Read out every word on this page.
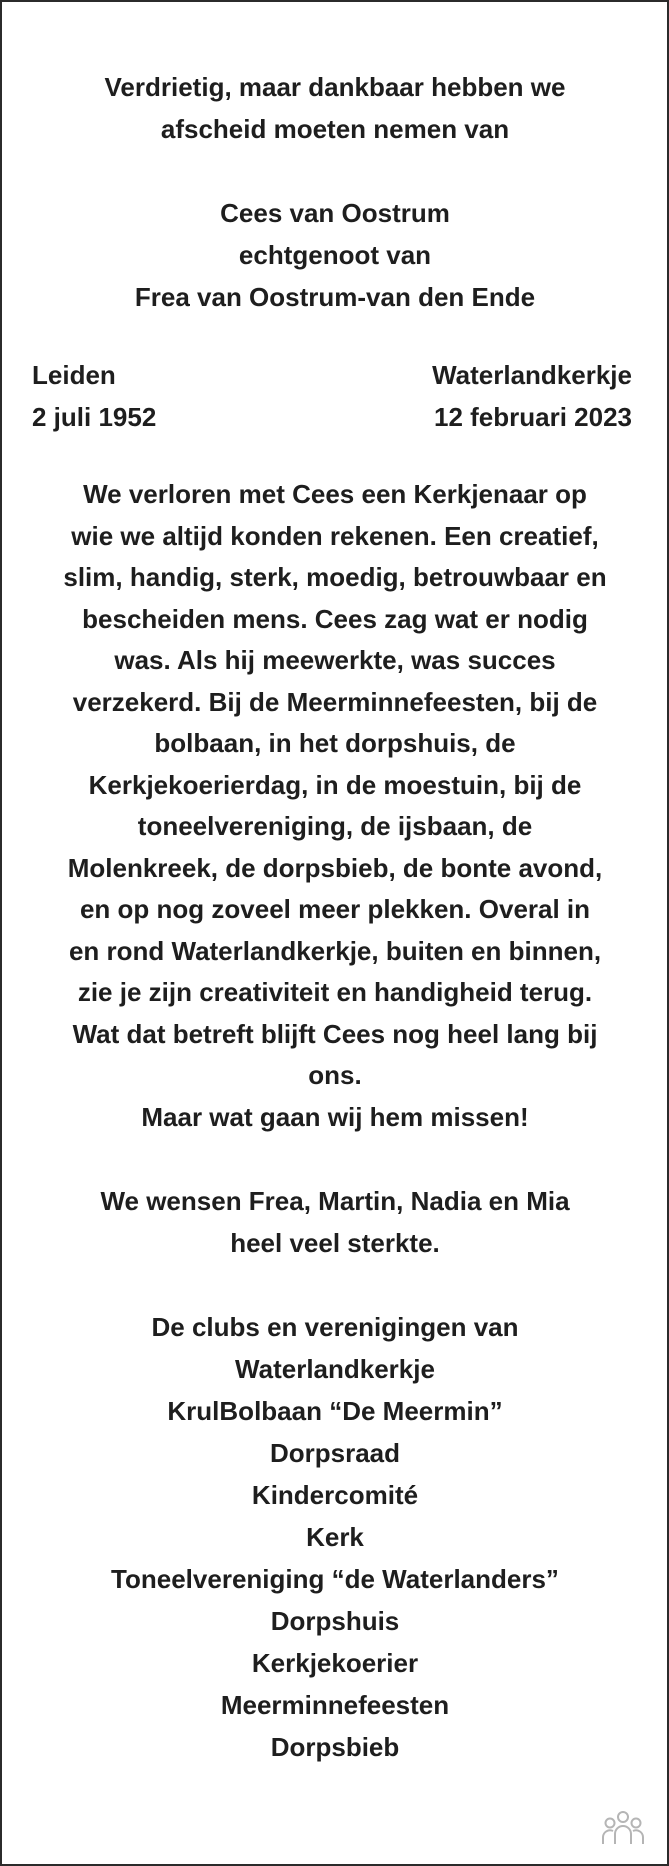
Verdrietig, maar dankbaar hebben we
afscheid moeten nemen van

Cees van Oostrum
echtgenoot van
Frea van Oostrum-van den Ende

Leiden
2 juli 1952
Waterlandkerkje
12 februari 2023

We verloren met Cees een Kerkjenaar op
wie we altijd konden rekenen. Een creatief,
slim, handig, sterk, moedig, betrouwbaar en
bescheiden mens. Cees zag wat er nodig
was. Als hij meewerkte, was succes
verzekerd. Bij de Meerminnefeesten, bij de
bolbaan, in het dorpshuis, de
Kerkjekoerierdag, in de moestuin, bij de
toneelvereniging, de ijsbaan, de
Molenkreek, de dorpsbieb, de bonte avond,
en op nog zoveel meer plekken. Overal in
en rond Waterlandkerkje, buiten en binnen,
zie je zijn creativiteit en handigheid terug.
Wat dat betreft blijft Cees nog heel lang bij
ons.
Maar wat gaan wij hem missen!

We wensen Frea, Martin, Nadia en Mia
heel veel sterkte.

De clubs en verenigingen van
Waterlandkerkje
KrulBolbaan “De Meermin”
Dorpsraad
Kindercomité
Kerk
Toneelvereniging “de Waterlanders”
Dorpshuis
Kerkjekoerier
Meerminnefeesten
Dorpsbieb
